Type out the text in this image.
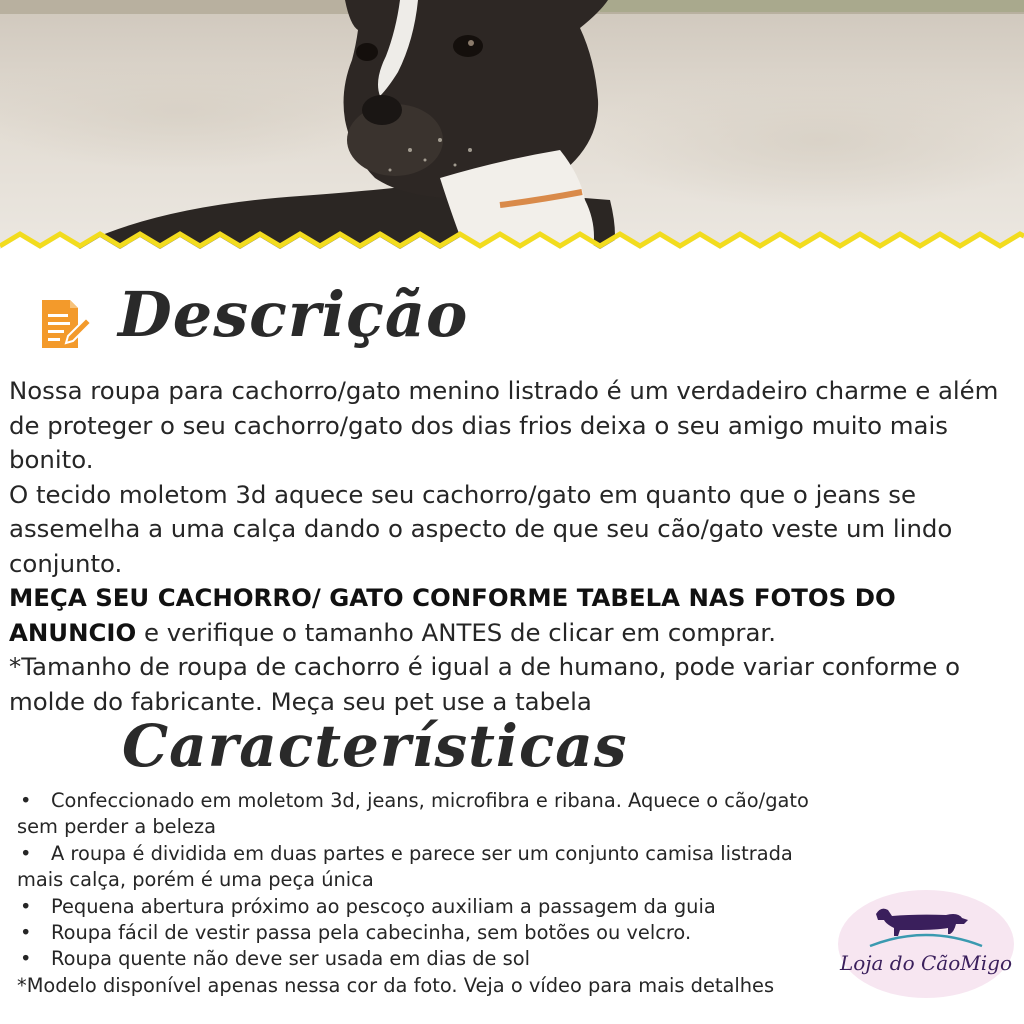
Descrição

Nossa roupa para cachorro/gato menino listrado é um verdadeiro charme e além de proteger o seu cachorro/gato dos dias frios deixa o seu amigo muito mais bonito.

O tecido moletom 3d aquece seu cachorro/gato em quanto que o jeans se assemelha a uma calça dando o aspecto de que seu cão/gato veste um lindo conjunto.

MEÇA SEU CACHORRO/ GATO CONFORME TABELA NAS FOTOS DO ANUNCIO e verifique o tamanho ANTES de clicar em comprar.

*Tamanho de roupa de cachorro é igual a de humano, pode variar conforme o molde do fabricante. Meça seu pet use a tabela

Características

• Confeccionado em moletom 3d, jeans, microfibra e ribana. Aquece o cão/gato sem perder a beleza

• A roupa é dividida em duas partes e parece ser um conjunto camisa listrada mais calça, porém é uma peça única

• Pequena abertura próximo ao pescoço auxiliam a passagem da guia

• Roupa fácil de vestir passa pela cabecinha, sem botões ou velcro.

• Roupa quente não deve ser usada em dias de sol

*Modelo disponível apenas nessa cor da foto. Veja o vídeo para mais detalhes

Loja do CãoMigo
